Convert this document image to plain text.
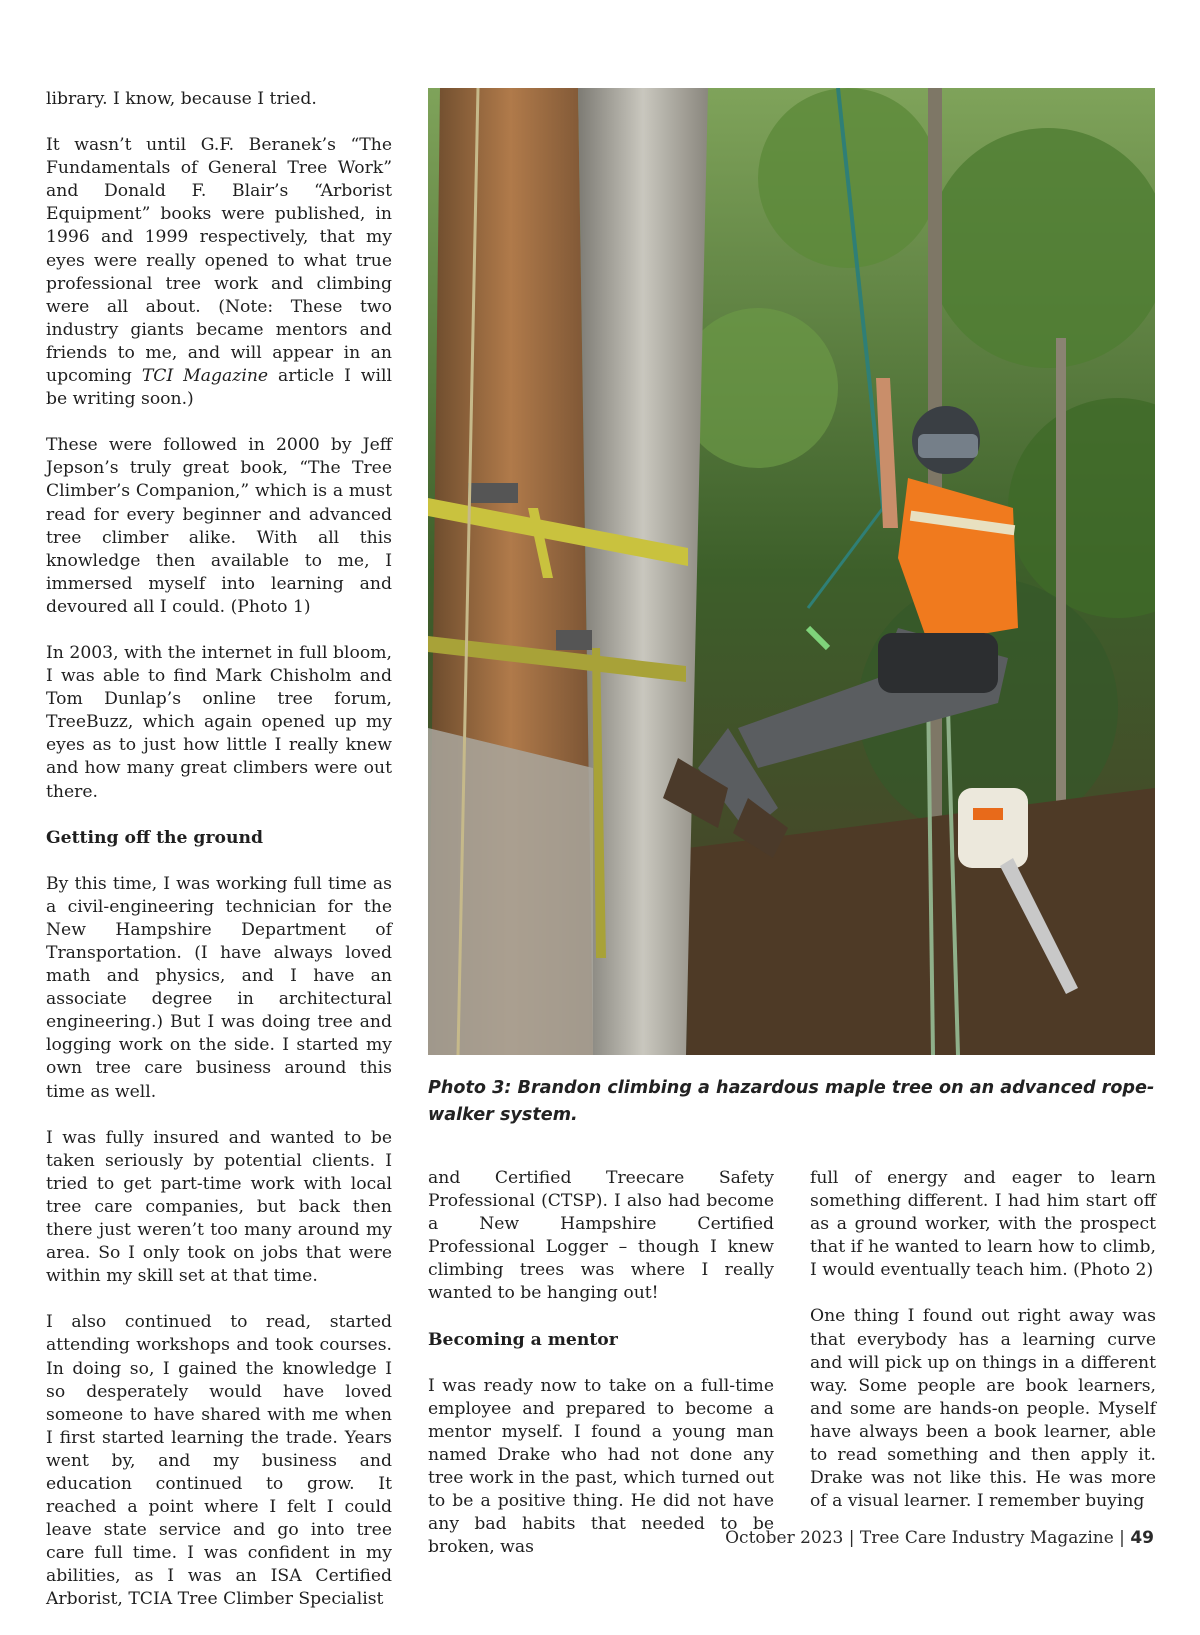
library. I know, because I tried.

It wasn’t until G.F. Beranek’s “The Fundamentals of General Tree Work” and Donald F. Blair’s “Arborist Equipment” books were published, in 1996 and 1999 respectively, that my eyes were really opened to what true professional tree work and climbing were all about. (Note: These two industry giants became mentors and friends to me, and will appear in an upcoming TCI Magazine article I will be writing soon.)

These were followed in 2000 by Jeff Jepson’s truly great book, “The Tree Climber’s Companion,” which is a must read for every beginner and advanced tree climber alike. With all this knowledge then available to me, I immersed myself into learning and devoured all I could. (Photo 1)

In 2003, with the internet in full bloom, I was able to find Mark Chisholm and Tom Dunlap’s online tree forum, TreeBuzz, which again opened up my eyes as to just how little I really knew and how many great climbers were out there.

Getting off the ground

By this time, I was working full time as a civil-engineering technician for the New Hampshire Department of Transportation. (I have always loved math and physics, and I have an associate degree in architectural engineering.) But I was doing tree and logging work on the side. I started my own tree care business around this time as well.

I was fully insured and wanted to be taken seriously by potential clients. I tried to get part-time work with local tree care companies, but back then there just weren’t too many around my area. So I only took on jobs that were within my skill set at that time.

I also continued to read, started attending workshops and took courses. In doing so, I gained the knowledge I so desperately would have loved someone to have shared with me when I first started learning the trade. Years went by, and my business and education continued to grow. It reached a point where I felt I could leave state service and go into tree care full time. I was confident in my abilities, as I was an ISA Certified Arborist, TCIA Tree Climber Specialist

Photo 3: Brandon climbing a hazardous maple tree on an advanced rope-walker system.

and Certified Treecare Safety Professional (CTSP). I also had become a New Hampshire Certified Professional Logger – though I knew climbing trees was where I really wanted to be hanging out!

Becoming a mentor

I was ready now to take on a full-time employee and prepared to become a mentor myself. I found a young man named Drake who had not done any tree work in the past, which turned out to be a positive thing. He did not have any bad habits that needed to be broken, was

full of energy and eager to learn something different. I had him start off as a ground worker, with the prospect that if he wanted to learn how to climb, I would eventually teach him. (Photo 2)

One thing I found out right away was that everybody has a learning curve and will pick up on things in a different way. Some people are book learners, and some are hands-on people. Myself have always been a book learner, able to read something and then apply it. Drake was not like this. He was more of a visual learner. I remember buying

October 2023 | Tree Care Industry Magazine | 49
